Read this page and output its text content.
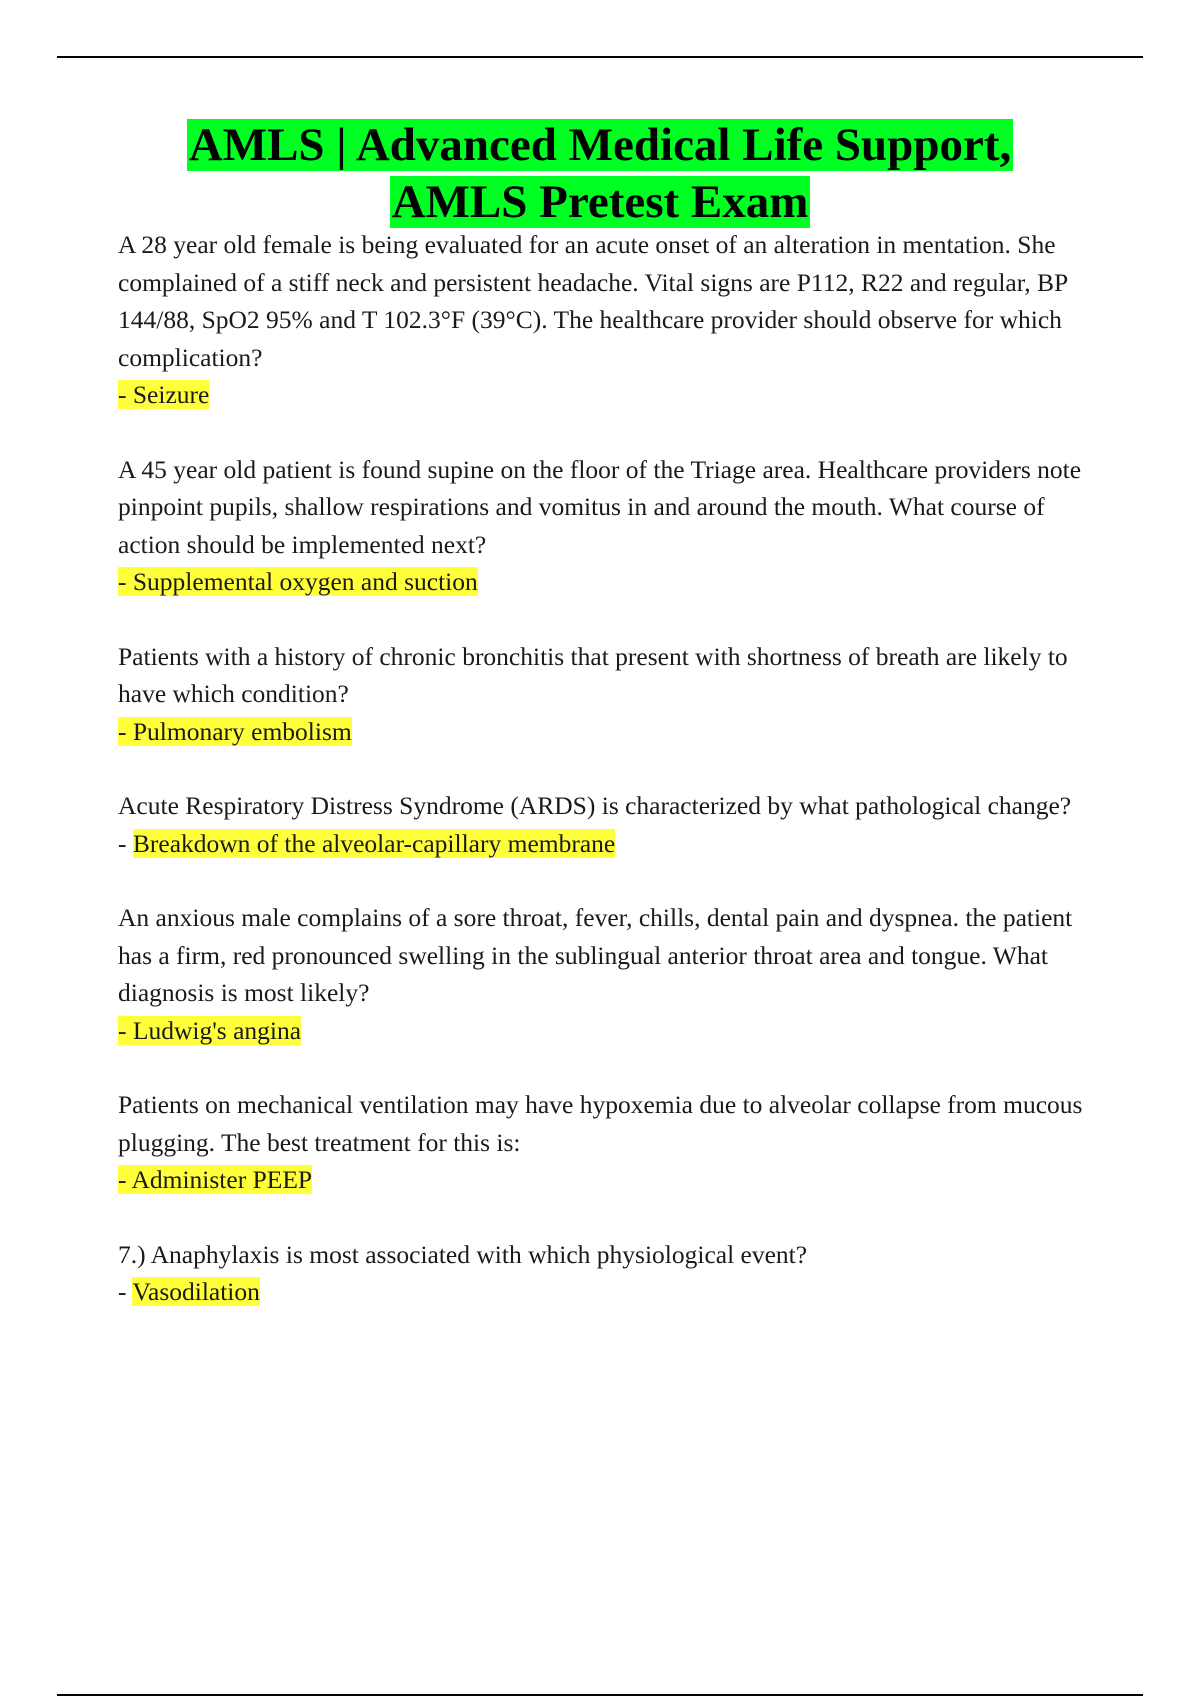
AMLS | Advanced Medical Life Support,
AMLS Pretest Exam

A 28 year old female is being evaluated for an acute onset of an alteration in mentation. She complained of a stiff neck and persistent headache. Vital signs are P112, R22 and regular, BP 144/88, SpO2 95% and T 102.3°F (39°C). The healthcare provider should observe for which complication?

- Seizure

A 45 year old patient is found supine on the floor of the Triage area. Healthcare providers note pinpoint pupils, shallow respirations and vomitus in and around the mouth. What course of action should be implemented next?

- Supplemental oxygen and suction

Patients with a history of chronic bronchitis that present with shortness of breath are likely to have which condition?

- Pulmonary embolism

Acute Respiratory Distress Syndrome (ARDS) is characterized by what pathological change?

- Breakdown of the alveolar-capillary membrane

An anxious male complains of a sore throat, fever, chills, dental pain and dyspnea. the patient has a firm, red pronounced swelling in the sublingual anterior throat area and tongue. What diagnosis is most likely?

- Ludwig's angina

Patients on mechanical ventilation may have hypoxemia due to alveolar collapse from mucous plugging. The best treatment for this is:

- Administer PEEP

7.) Anaphylaxis is most associated with which physiological event?

- Vasodilation
